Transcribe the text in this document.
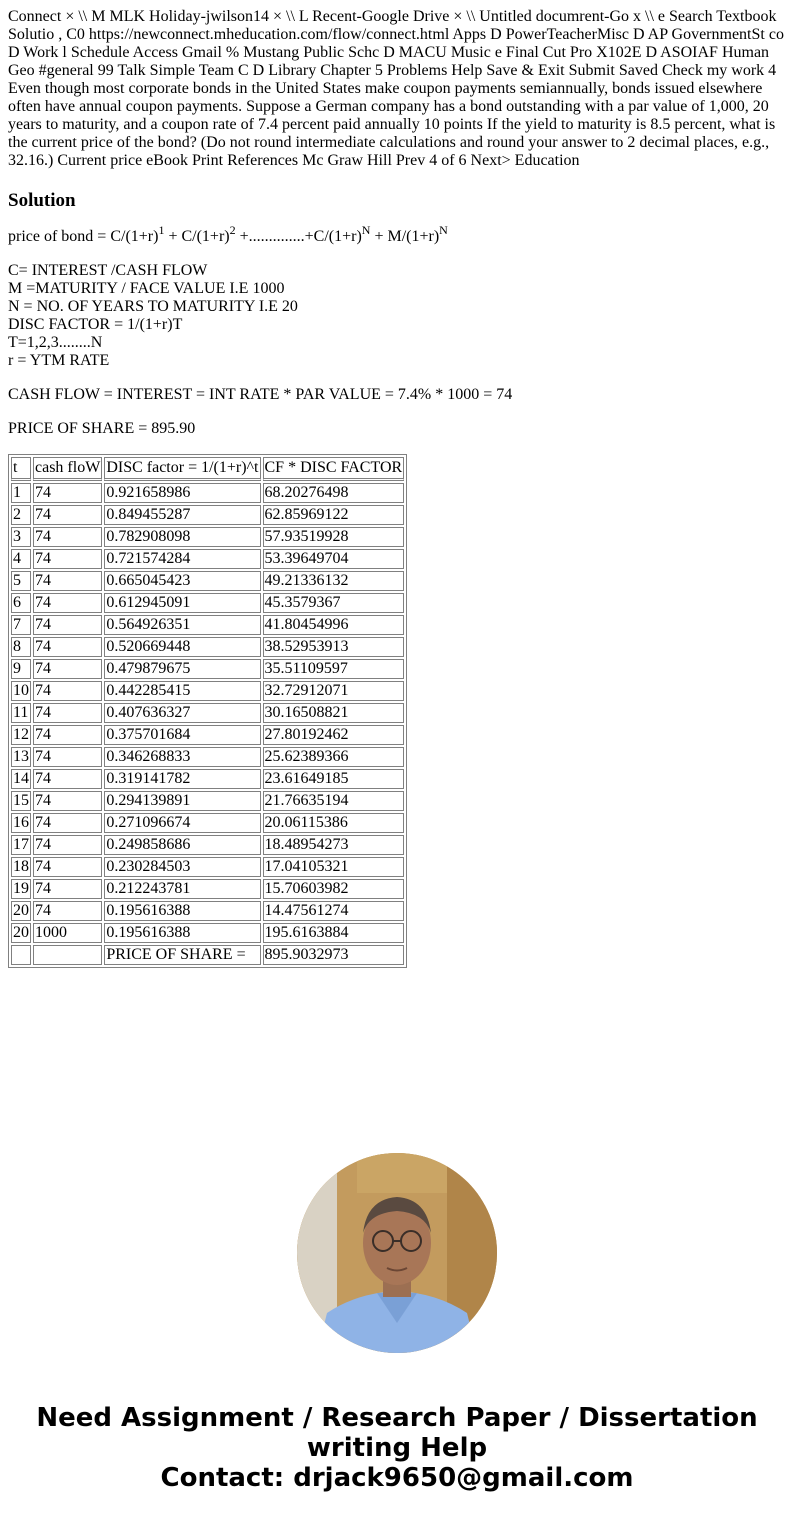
Connect × \\ M MLK Holiday-jwilson14 × \\ L Recent-Google Drive × \\ Untitled documrent-Go x \\ e Search Textbook Solutio , C0 https://newconnect.mheducation.com/flow/connect.html Apps D PowerTeacherMisc D AP GovernmentSt co D Work l Schedule Access Gmail % Mustang Public Schc D MACU Music e Final Cut Pro X102E D ASOIAF Human Geo #general 99 Talk Simple Team C D Library Chapter 5 Problems Help Save & Exit Submit Saved Check my work 4 Even though most corporate bonds in the United States make coupon payments semiannually, bonds issued elsewhere often have annual coupon payments. Suppose a German company has a bond outstanding with a par value of 1,000, 20 years to maturity, and a coupon rate of 7.4 percent paid annually 10 points If the yield to maturity is 8.5 percent, what is the current price of the bond? (Do not round intermediate calculations and round your answer to 2 decimal places, e.g., 32.16.) Current price eBook Print References Mc Graw Hill Prev 4 of 6 Next> Education

Solution

price of bond = $C/(1+r)^1 + C/(1+r)^2 +..............+C/(1+r)^N + M/(1+r)^N$

C= INTEREST /CASH FLOW
M =MATURITY / FACE VALUE I.E 1000
N = NO. OF YEARS TO MATURITY I.E 20
DISC FACTOR = 1/(1+r)T
T=1,2,3........N
r = YTM RATE

CASH FLOW = INTEREST = INT RATE * PAR VALUE = 7.4% * 1000 = 74

PRICE OF SHARE = 895.90

t	cash floW	DISC factor = 1/(1+r)^t	CF * DISC FACTOR
1	74	0.921658986	68.20276498
2	74	0.849455287	62.85969122
3	74	0.782908098	57.93519928
4	74	0.721574284	53.39649704
5	74	0.665045423	49.21336132
6	74	0.612945091	45.3579367
7	74	0.564926351	41.80454996
8	74	0.520669448	38.52953913
9	74	0.479879675	35.51109597
10	74	0.442285415	32.72912071
11	74	0.407636327	30.16508821
12	74	0.375701684	27.80192462
13	74	0.346268833	25.62389366
14	74	0.319141782	23.61649185
15	74	0.294139891	21.76635194
16	74	0.271096674	20.06115386
17	74	0.249858686	18.48954273
18	74	0.230284503	17.04105321
19	74	0.212243781	15.70603982
20	74	0.195616388	14.47561274
20	1000	0.195616388	195.6163884
		PRICE OF SHARE =	895.9032973
Need Assignment / Research Paper / Dissertation
writing Help
Contact: drjack9650@gmail.com
